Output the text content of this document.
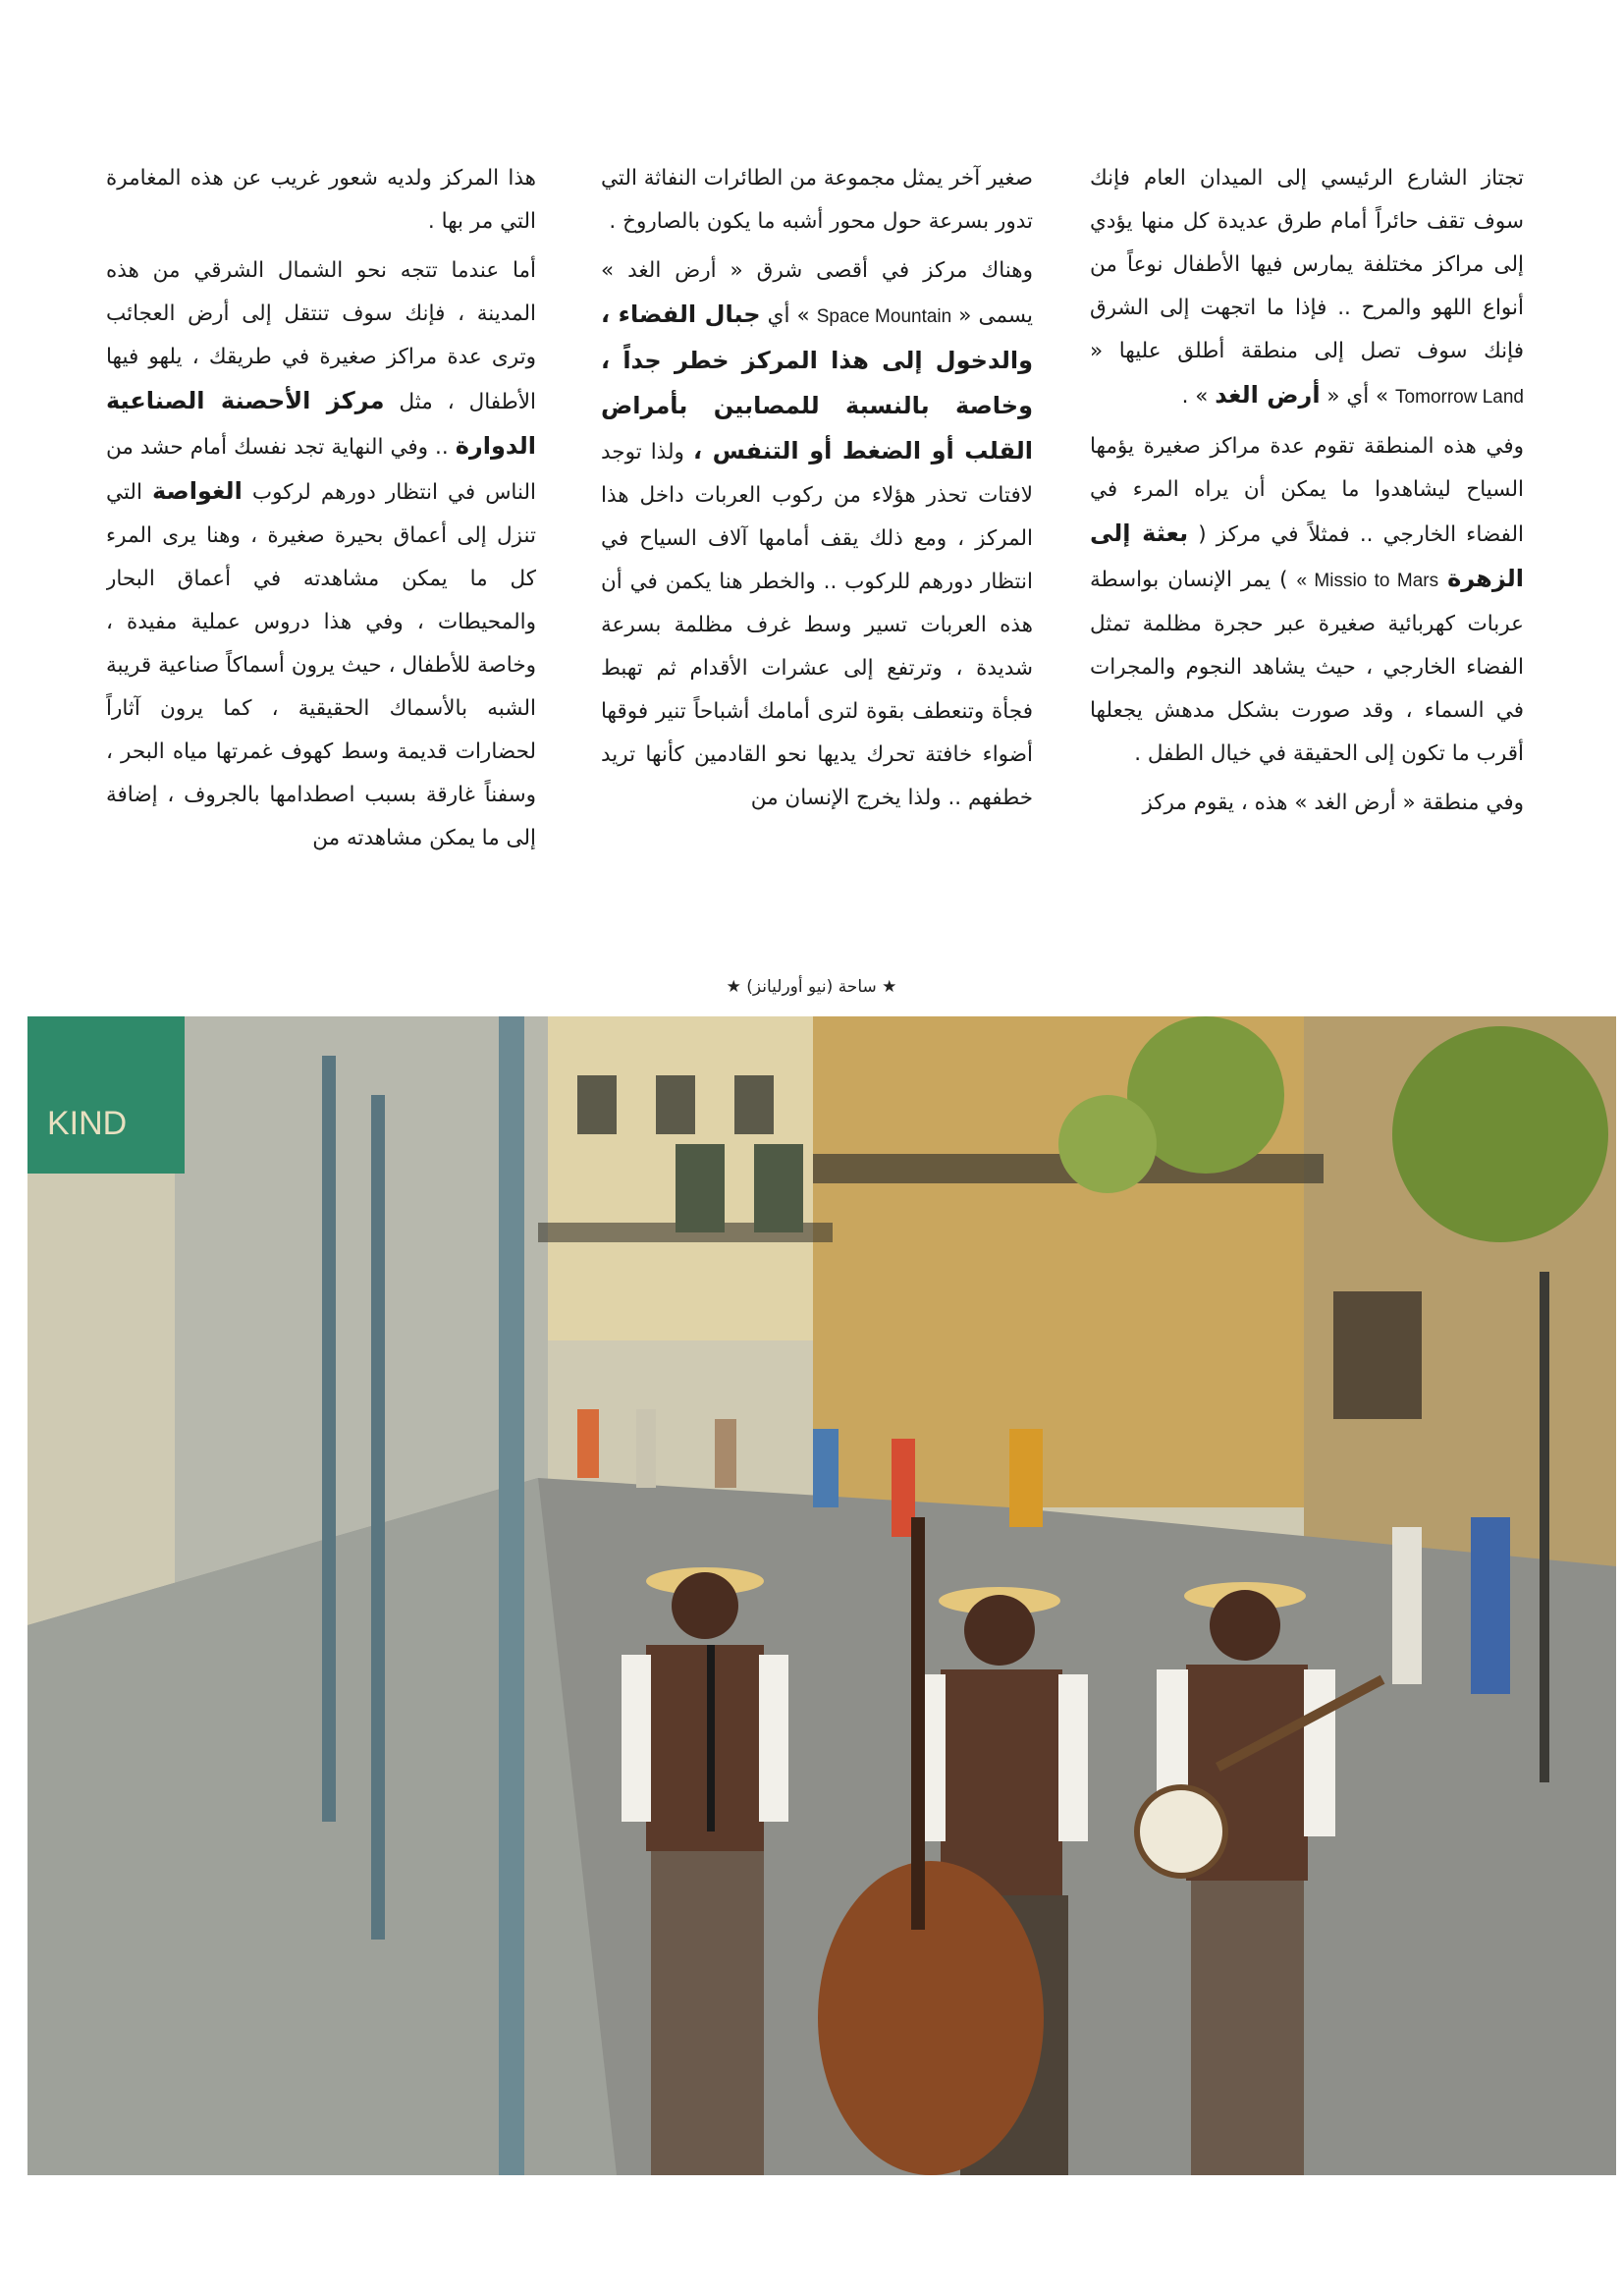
تجتاز الشارع الرئيسي إلى الميدان العام فإنك سوف تقف حائراً أمام طرق عديدة كل منها يؤدي إلى مراكز مختلفة يمارس فيها الأطفال نوعاً من أنواع اللهو والمرح .. فإذا ما اتجهت إلى الشرق فإنك سوف تصل إلى منطقة أطلق عليها « Tomorrow Land » أي « أرض الغد » .

وفي هذه المنطقة تقوم عدة مراكز صغيرة يؤمها السياح ليشاهدوا ما يمكن أن يراه المرء في الفضاء الخارجي .. فمثلاً في مركز ( بعثة إلى الزهرة « Missio to Mars ) يمر الإنسان بواسطة عربات كهربائية صغيرة عبر حجرة مظلمة تمثل الفضاء الخارجي ، حيث يشاهد النجوم والمجرات في السماء ، وقد صورت بشكل مدهش يجعلها أقرب ما تكون إلى الحقيقة في خيال الطفل .

وفي منطقة « أرض الغد » هذه ، يقوم مركز

صغير آخر يمثل مجموعة من الطائرات النفاثة التي تدور بسرعة حول محور أشبه ما يكون بالصاروخ .

وهناك مركز في أقصى شرق « أرض الغد » يسمى « Space Mountain » أي جبال الفضاء ، والدخول إلى هذا المركز خطر جداً ، وخاصة بالنسبة للمصابين بأمراض القلب أو الضغط أو التنفس ، ولذا توجد لافتات تحذر هؤلاء من ركوب العربات داخل هذا المركز ، ومع ذلك يقف أمامها آلاف السياح في انتظار دورهم للركوب .. والخطر هنا يكمن في أن هذه العربات تسير وسط غرف مظلمة بسرعة شديدة ، وترتفع إلى عشرات الأقدام ثم تهبط فجأة وتنعطف بقوة لترى أمامك أشباحاً تنير فوقها أضواء خافتة تحرك يديها نحو القادمين كأنها تريد خطفهم .. ولذا يخرج الإنسان من

هذا المركز ولديه شعور غريب عن هذه المغامرة التي مر بها .

أما عندما تتجه نحو الشمال الشرقي من هذه المدينة ، فإنك سوف تنتقل إلى أرض العجائب وترى عدة مراكز صغيرة في طريقك ، يلهو فيها الأطفال ، مثل مركز الأحصنة الصناعية الدوارة .. وفي النهاية تجد نفسك أمام حشد من الناس في انتظار دورهم لركوب الغواصة التي تنزل إلى أعماق بحيرة صغيرة ، وهنا يرى المرء كل ما يمكن مشاهدته في أعماق البحار والمحيطات ، وفي هذا دروس عملية مفيدة ، وخاصة للأطفال ، حيث يرون أسماكاً صناعية قريبة الشبه بالأسماك الحقيقية ، كما يرون آثاراً لحضارات قديمة وسط كهوف غمرتها مياه البحر ، وسفناً غارقة بسبب اصطدامها بالجروف ، إضافة إلى ما يمكن مشاهدته من

★ ساحة (نيو أورليانز) ★
KIND
